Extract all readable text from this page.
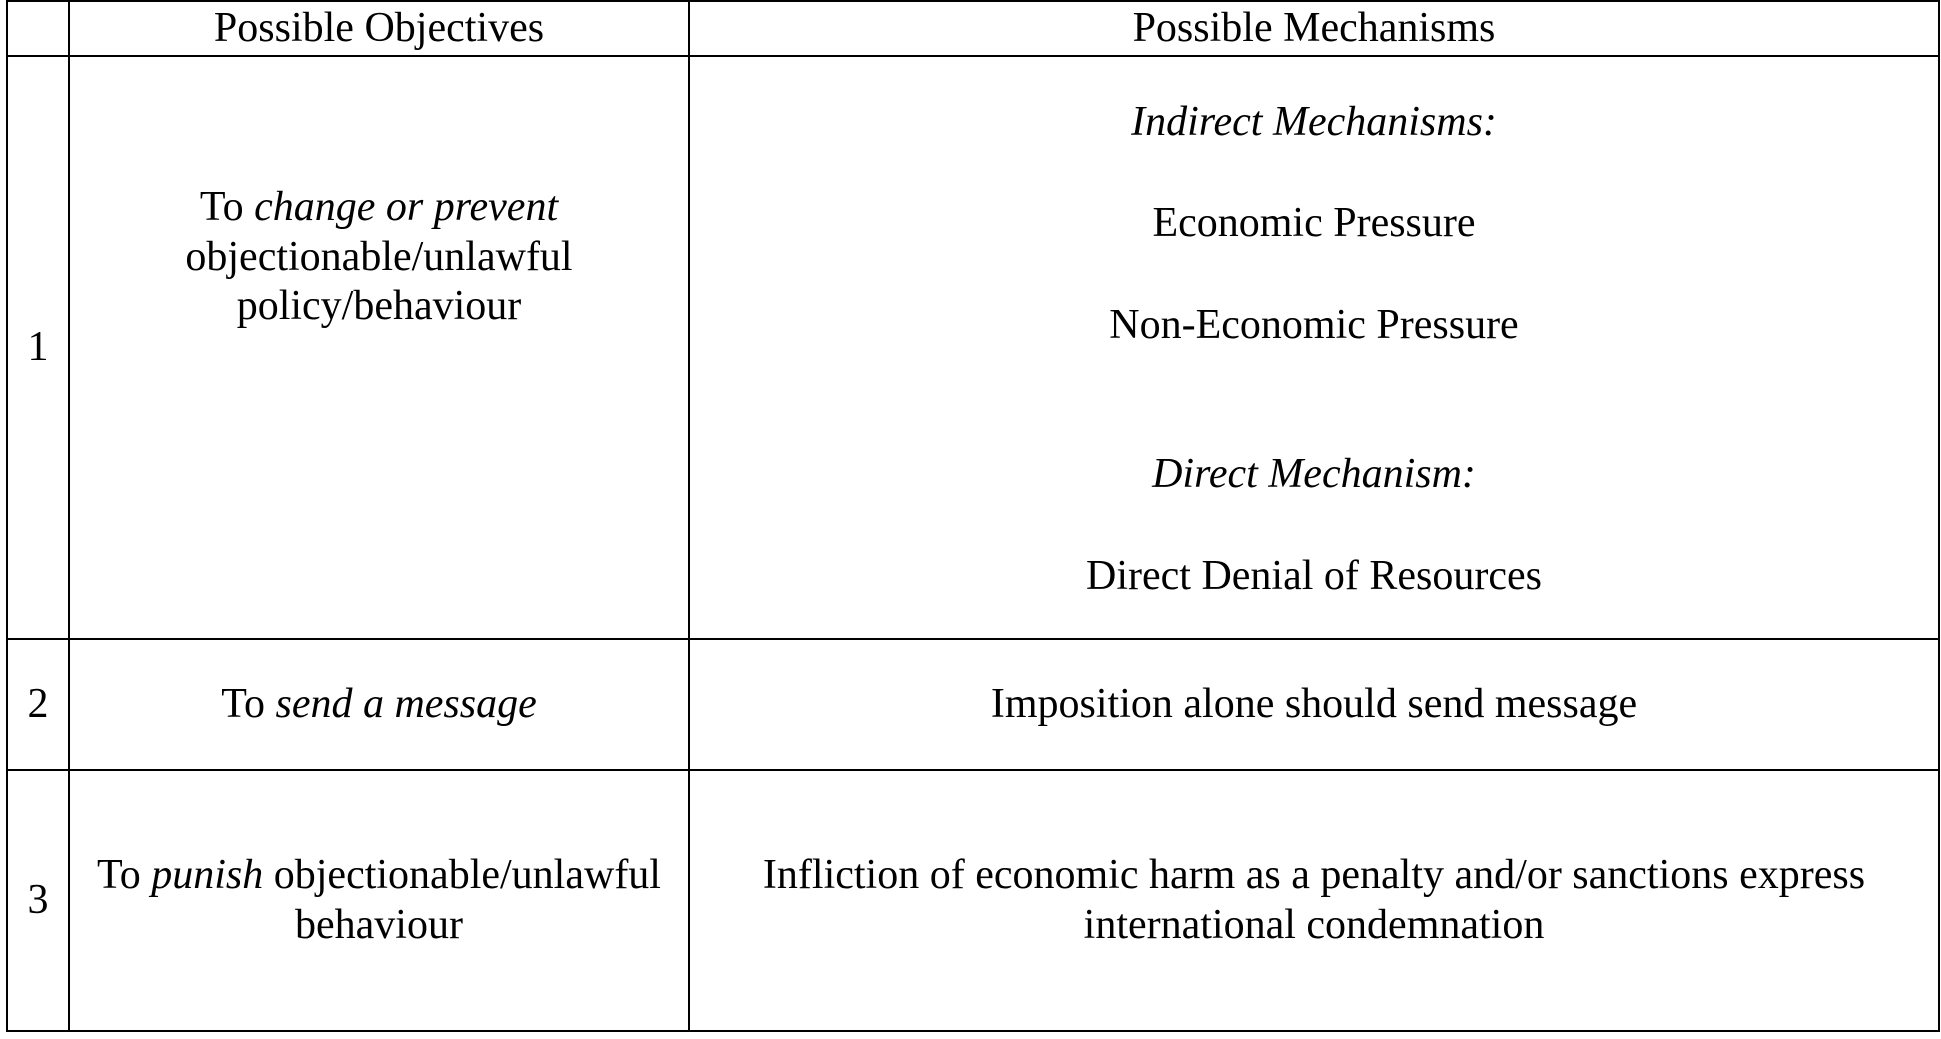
	Possible Objectives	Possible Mechanisms
1	To change or prevent objectionable/unlawful policy/behaviour	Indirect Mechanisms:
Economic Pressure
Non-Economic Pressure
Direct Mechanism:
Direct Denial of Resources

2	To send a message	Imposition alone should send message
3	To punish objectionable/unlawful behaviour	Infliction of economic harm as a penalty and/or sanctions express international condemnation
